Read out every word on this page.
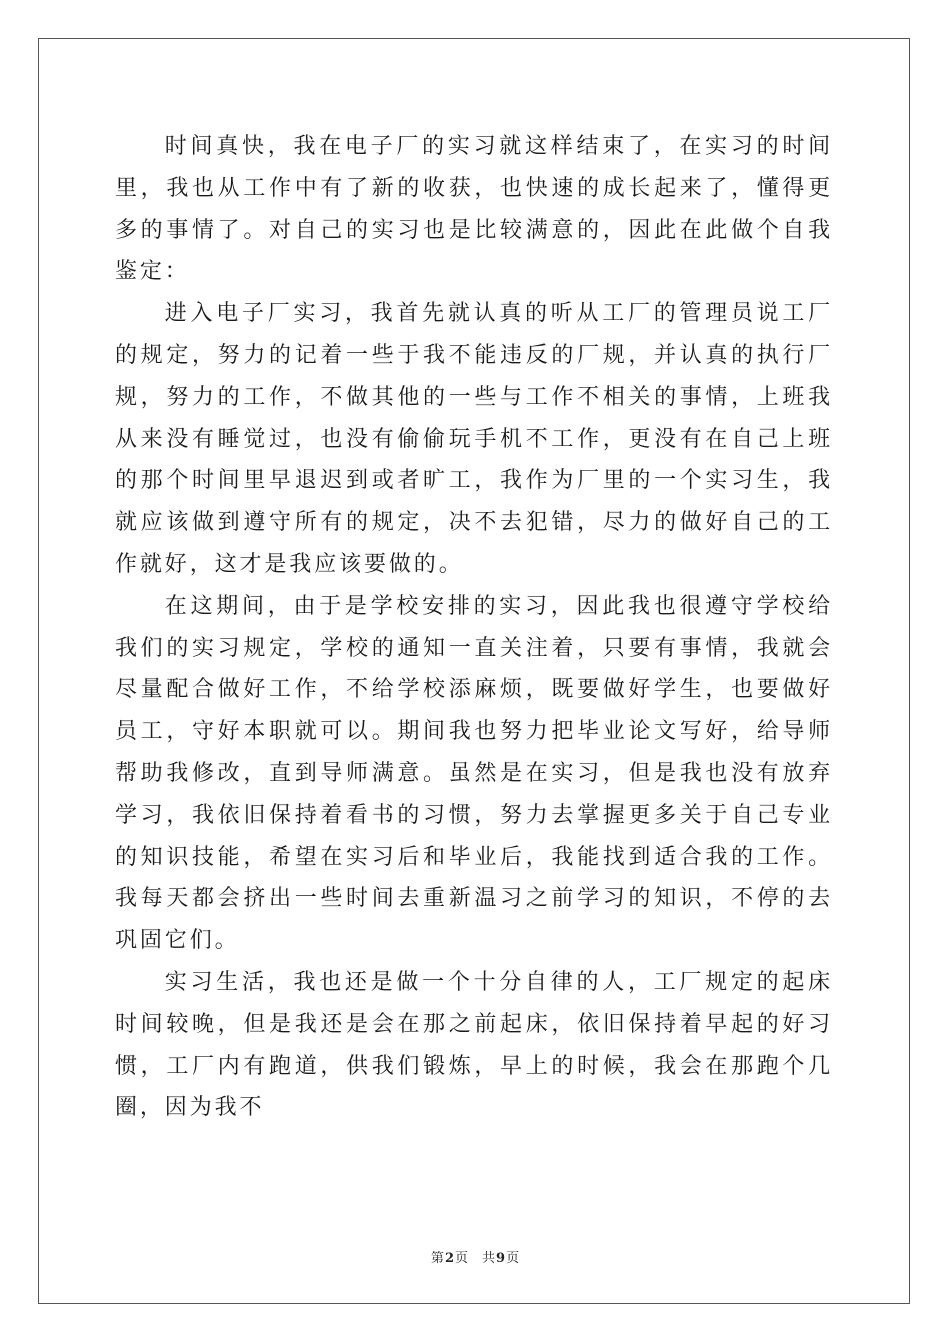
时间真快，我在电子厂的实习就这样结束了，在实习的时间里，我也从工作中有了新的收获，也快速的成长起来了，懂得更多的事情了。对自己的实习也是比较满意的，因此在此做个自我鉴定：

进入电子厂实习，我首先就认真的听从工厂的管理员说工厂的规定，努力的记着一些于我不能违反的厂规，并认真的执行厂规，努力的工作，不做其他的一些与工作不相关的事情，上班我从来没有睡觉过，也没有偷偷玩手机不工作，更没有在自己上班的那个时间里早退迟到或者旷工，我作为厂里的一个实习生，我就应该做到遵守所有的规定，决不去犯错，尽力的做好自己的工作就好，这才是我应该要做的。

在这期间，由于是学校安排的实习，因此我也很遵守学校给我们的实习规定，学校的通知一直关注着，只要有事情，我就会尽量配合做好工作，不给学校添麻烦，既要做好学生，也要做好员工，守好本职就可以。期间我也努力把毕业论文写好，给导师帮助我修改，直到导师满意。虽然是在实习，但是我也没有放弃学习，我依旧保持着看书的习惯，努力去掌握更多关于自己专业的知识技能，希望在实习后和毕业后，我能找到适合我的工作。我每天都会挤出一些时间去重新温习之前学习的知识，不停的去巩固它们。

实习生活，我也还是做一个十分自律的人，工厂规定的起床时间较晚，但是我还是会在那之前起床，依旧保持着早起的好习惯，工厂内有跑道，供我们锻炼，早上的时候，我会在那跑个几圈，因为我不

第2页 共9页
